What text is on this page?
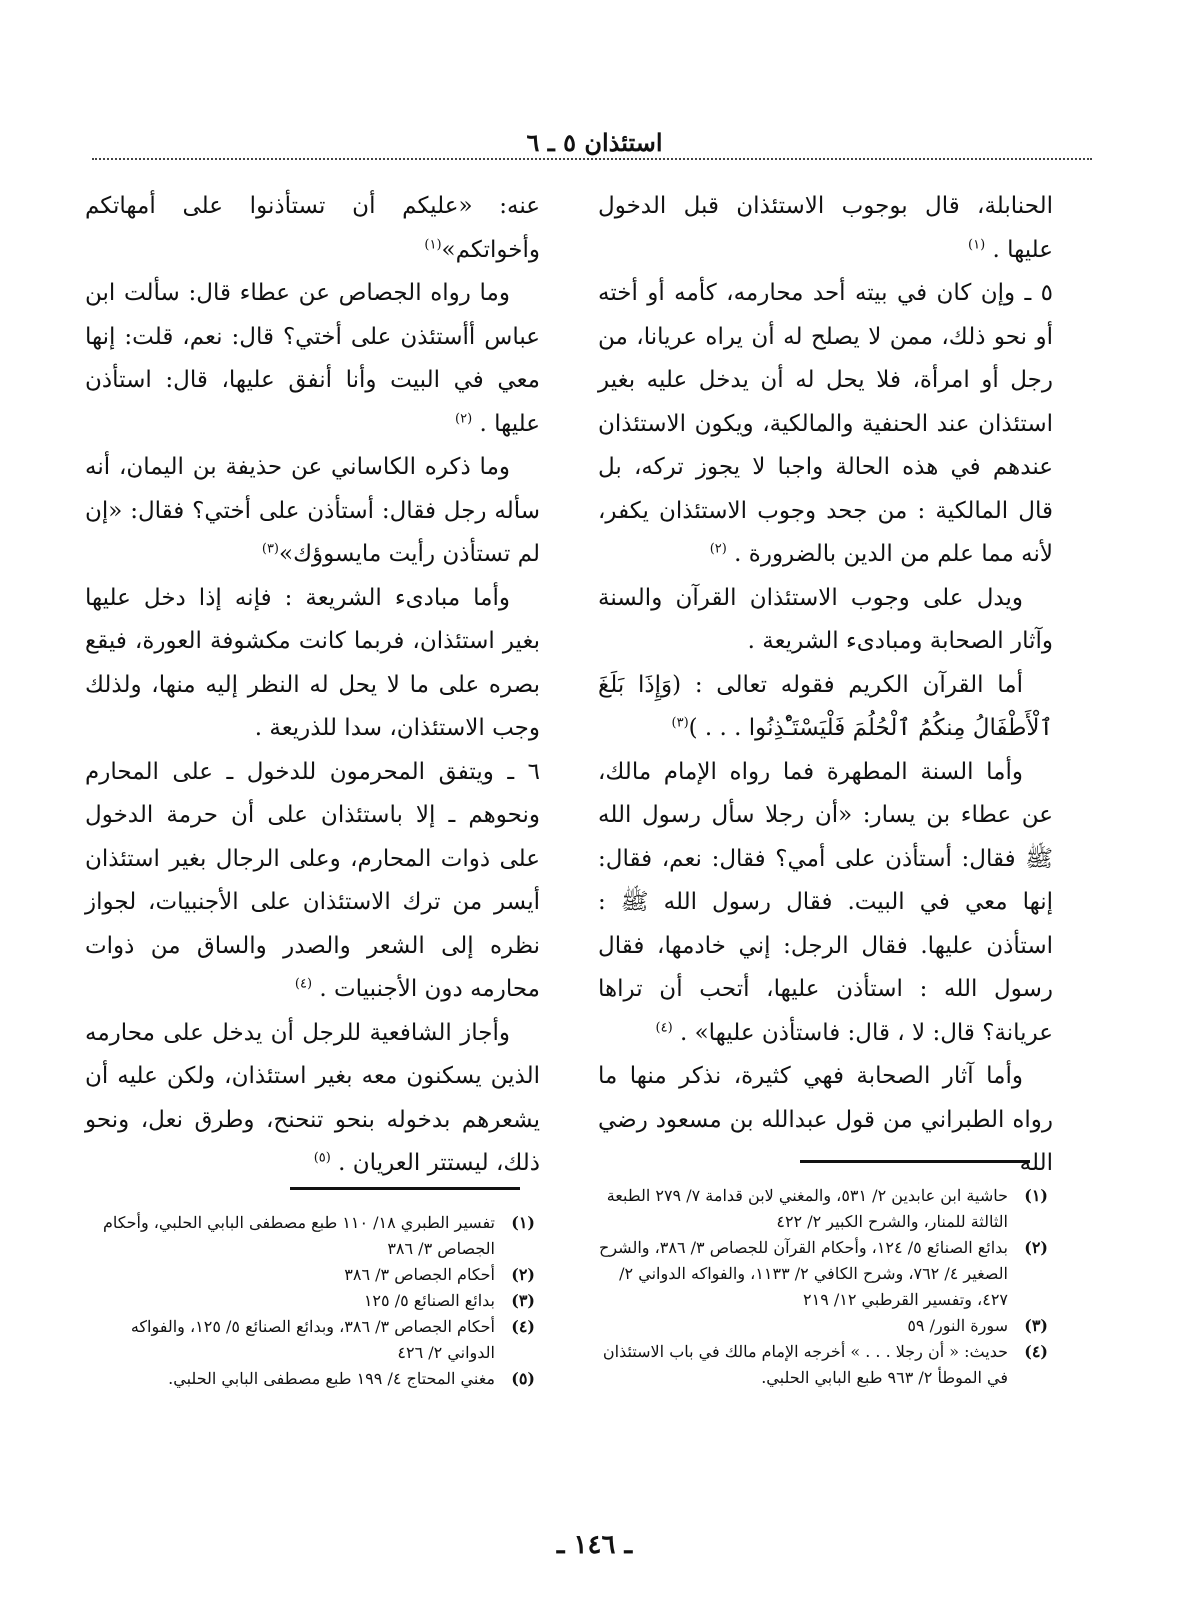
استئذان ٥ ـ ٦

الحنابلة، قال بوجوب الاستئذان قبل الدخول عليها . $^{(١)}$

٥ ـ وإن كان في بيته أحد محارمه، كأمه أو أخته أو نحو ذلك، ممن لا يصلح له أن يراه عريانا، من رجل أو امرأة، فلا يحل له أن يدخل عليه بغير استئذان عند الحنفية والمالكية، ويكون الاستئذان عندهم في هذه الحالة واجبا لا يجوز تركه، بل قال المالكية : من جحد وجوب الاستئذان يكفر، لأنه مما علم من الدين بالضرورة . $^{(٢)}$

ويدل على وجوب الاستئذان القرآن والسنة وآثار الصحابة ومبادىء الشريعة .

أما القرآن الكريم فقوله تعالى : (وَإِذَا بَلَغَ ٱلْأَطْفَالُ مِنكُمُ ٱلْحُلُمَ فَلْيَسْتَـْٔذِنُوا . . . )$^{(٣)}$

وأما السنة المطهرة فما رواه الإمام مالك، عن عطاء بن يسار: «أن رجلا سأل رسول الله ﷺ فقال: أستأذن على أمي؟ فقال: نعم، فقال: إنها معي في البيت. فقال رسول الله ﷺ : استأذن عليها. فقال الرجل: إني خادمها، فقال رسول الله : استأذن عليها، أتحب أن تراها عريانة؟ قال: لا ، قال: فاستأذن عليها» . $^{(٤)}$

وأما آثار الصحابة فهي كثيرة، نذكر منها ما رواه الطبراني من قول عبدالله بن مسعود رضي الله

عنه: «عليكم أن تستأذنوا على أمهاتكم وأخواتكم»$^{(١)}$

وما رواه الجصاص عن عطاء قال: سألت ابن عباس أأستئذن على أختي؟ قال: نعم، قلت: إنها معي في البيت وأنا أنفق عليها، قال: استأذن عليها . $^{(٢)}$

وما ذكره الكاساني عن حذيفة بن اليمان، أنه سأله رجل فقال: أستأذن على أختي؟ فقال: «إن لم تستأذن رأيت مايسوؤك»$^{(٣)}$

وأما مبادىء الشريعة : فإنه إذا دخل عليها بغير استئذان، فربما كانت مكشوفة العورة، فيقع بصره على ما لا يحل له النظر إليه منها، ولذلك وجب الاستئذان، سدا للذريعة .

٦ ـ ويتفق المحرمون للدخول ـ على المحارم ونحوهم ـ إلا باستئذان على أن حرمة الدخول على ذوات المحارم، وعلى الرجال بغير استئذان أيسر من ترك الاستئذان على الأجنبيات، لجواز نظره إلى الشعر والصدر والساق من ذوات محارمه دون الأجنبيات . $^{(٤)}$

وأجاز الشافعية للرجل أن يدخل على محارمه الذين يسكنون معه بغير استئذان، ولكن عليه أن يشعرهم بدخوله بنحو تنحنح، وطرق نعل، ونحو ذلك، ليستتر العريان . $^{(٥)}$

(١)
حاشية ابن عابدين ٢/ ٥٣١، والمغني لابن قدامة ٧/ ٢٧٩ الطبعة الثالثة للمنار، والشرح الكبير ٢/ ٤٢٢
(٢)
بدائع الصنائع ٥/ ١٢٤، وأحكام القرآن للجصاص ٣/ ٣٨٦، والشرح الصغير ٤/ ٧٦٢، وشرح الكافي ٢/ ١١٣٣، والفواكه الدواني ٢/ ٤٢٧، وتفسير القرطبي ١٢/ ٢١٩
(٣)
سورة النور/ ٥٩
(٤)
حديث: « أن رجلا . . . » أخرجه الإمام مالك في باب الاستئذان في الموطأ ٢/ ٩٦٣ طبع البابي الحلبي.
(١)
تفسير الطبري ١٨/ ١١٠ طبع مصطفى البابي الحلبي، وأحكام الجصاص ٣/ ٣٨٦
(٢)
أحكام الجصاص ٣/ ٣٨٦
(٣)
بدائع الصنائع ٥/ ١٢٥
(٤)
أحكام الجصاص ٣/ ٣٨٦، وبدائع الصنائع ٥/ ١٢٥، والفواكه الدواني ٢/ ٤٢٦
(٥)
مغني المحتاج ٤/ ١٩٩ طبع مصطفى البابي الحلبي.
ـ ١٤٦ ـ
